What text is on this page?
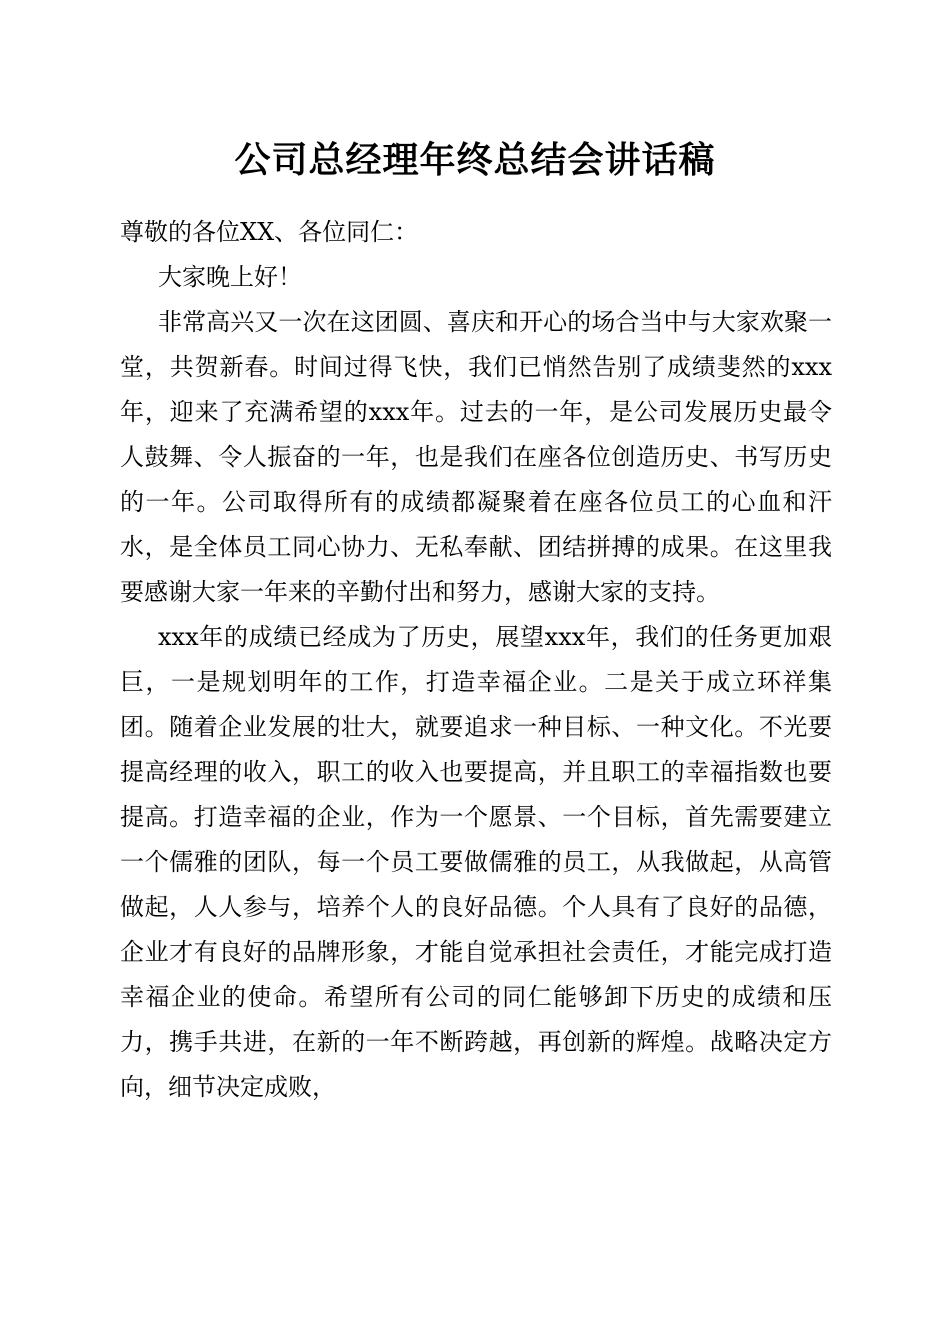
公司总经理年终总结会讲话稿

尊敬的各位XX、各位同仁：

大家晚上好！

非常高兴又一次在这团圆、喜庆和开心的场合当中与大家欢聚一堂，共贺新春。时间过得飞快，我们已悄然告别了成绩斐然的xxx年，迎来了充满希望的xxx年。过去的一年，是公司发展历史最令人鼓舞、令人振奋的一年，也是我们在座各位创造历史、书写历史的一年。公司取得所有的成绩都凝聚着在座各位员工的心血和汗水，是全体员工同心协力、无私奉献、团结拼搏的成果。在这里我要感谢大家一年来的辛勤付出和努力，感谢大家的支持。

xxx年的成绩已经成为了历史，展望xxx年，我们的任务更加艰巨，一是规划明年的工作，打造幸福企业。二是关于成立环祥集团。随着企业发展的壮大，就要追求一种目标、一种文化。不光要提高经理的收入，职工的收入也要提高，并且职工的幸福指数也要提高。打造幸福的企业，作为一个愿景、一个目标，首先需要建立一个儒雅的团队，每一个员工要做儒雅的员工，从我做起，从高管做起，人人参与，培养个人的良好品德。个人具有了良好的品德，企业才有良好的品牌形象，才能自觉承担社会责任，才能完成打造幸福企业的使命。希望所有公司的同仁能够卸下历史的成绩和压力，携手共进，在新的一年不断跨越，再创新的辉煌。战略决定方向，细节决定成败，
